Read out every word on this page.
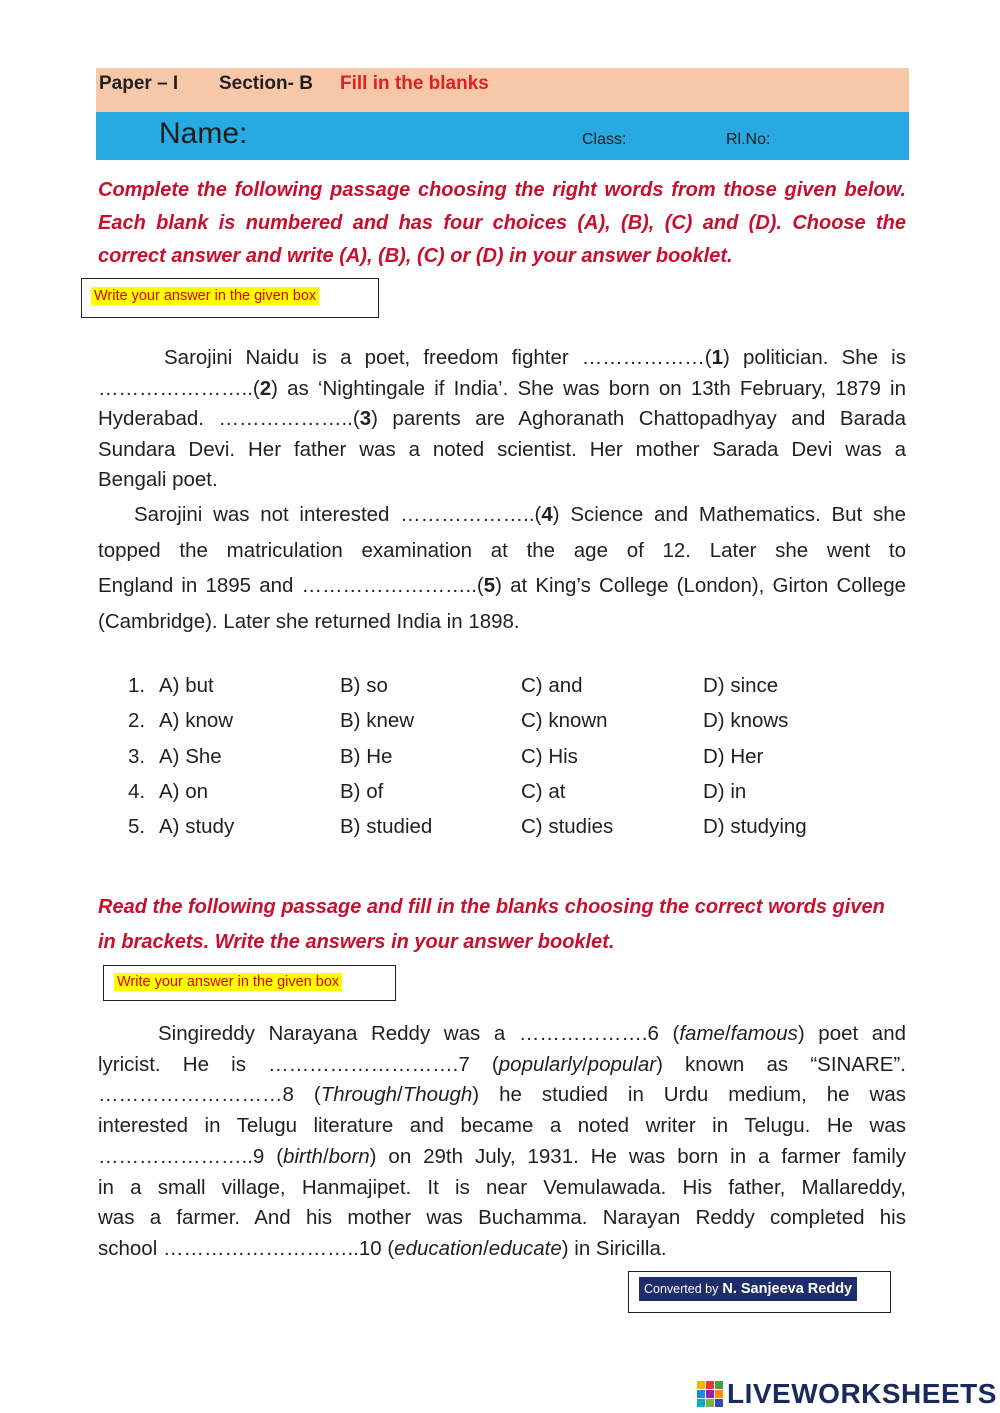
Paper – I Section- B Fill in the blanks
Name:	Class:	Rl.No:
Complete the following passage choosing the right words from those given below. Each blank is numbered and has four choices (A), (B), (C) and (D). Choose the correct answer and write (A), (B), (C) or (D) in your answer booklet.
Write your answer in the given box
Sarojini Naidu is a poet, freedom fighter ………………(1) politician. She is
…………………..(2) as ‘Nightingale if India’. She was born on 13th February, 1879 in
Hyderabad. ………………..(3) parents are Aghoranath Chattopadhyay and Barada
Sundara Devi. Her father was a noted scientist. Her mother Sarada Devi was a
Bengali poet.
Sarojini was not interested ………………..(4) Science and Mathematics. But she
topped the matriculation examination at the age of 12. Later she went to
England in 1895 and ……………………..(5) at King’s College (London), Girton College
(Cambridge). Later she returned India in 1898.
1. A) but	B) so	C) and	D) since
2. A) know	B) knew	C) known	D) knows
3. A) She	B) He	C) His	D) Her
4. A) on	B) of	C) at	D) in
5. A) study	B) studied	C) studies	D) studying
Read the following passage and fill in the blanks choosing the correct words given in brackets. Write the answers in your answer booklet.
Write your answer in the given box
Singireddy Narayana Reddy was a ……………….6 (fame/famous) poet and
lyricist. He is ……………………….7 (popularly/popular) known as “SINARE”.
………………………8 (Through/Though) he studied in Urdu medium, he was
interested in Telugu literature and became a noted writer in Telugu. He was
…………………..9 (birth/born) on 29th July, 1931. He was born in a farmer family
in a small village, Hanmajipet. It is near Vemulawada. His father, Mallareddy,
was a farmer. And his mother was Buchamma. Narayan Reddy completed his
school ………………………..10 (education/educate) in Siricilla.
Converted by N. Sanjeeva Reddy
LIVEWORKSHEETS
